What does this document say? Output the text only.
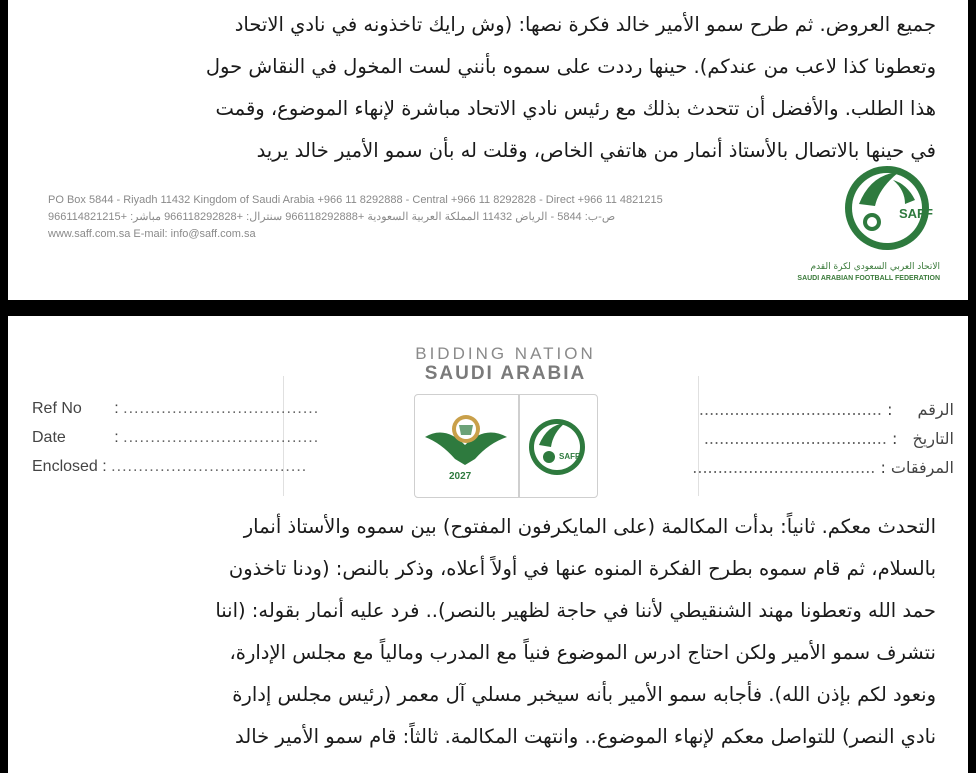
جميع العروض. ثم طرح سمو الأمير خالد فكرة نصها: (وش رايك تاخذونه في نادي الاتحاد
وتعطونا كذا لاعب من عندكم). حينها رددت على سموه بأنني لست المخول في النقاش حول
هذا الطلب. والأفضل أن تتحدث بذلك مع رئيس نادي الاتحاد مباشرة لإنهاء الموضوع، وقمت
في حينها بالاتصال بالأستاذ أنمار من هاتفي الخاص، وقلت له بأن سمو الأمير خالد يريد
PO Box 5844 - Riyadh 11432 Kingdom of Saudi Arabia +966 11 8292888 - Central +966 11 8292828 - Direct +966 11 4821215
ص-ب: 5844 - الرياض 11432 المملكة العربية السعودية +966118292888 سنترال: +966118292828 مباشر: +966114821215
www.saff.com.sa E-mail: info@saff.com.sa
SAFF
الاتحاد العربي السعودي لكرة القدم
SAUDI ARABIAN FOOTBALL FEDERATION
BIDDING NATION
SAUDI ARABIA
2027
SAFF
Ref No : ....................................
Date	: ....................................
Enclosed : ....................................
الرقم : ....................................
التاريخ : ....................................
المرفقات : ....................................
التحدث معكم. ثانياً: بدأت المكالمة (على المايكرفون المفتوح) بين سموه والأستاذ أنمار
بالسلام، ثم قام سموه بطرح الفكرة المنوه عنها في أولاً أعلاه، وذكر بالنص: (ودنا تاخذون
حمد الله وتعطونا مهند الشنقيطي لأننا في حاجة لظهير بالنصر).. فرد عليه أنمار بقوله: (اننا
نتشرف سمو الأمير ولكن احتاج ادرس الموضوع فنياً مع المدرب ومالياً مع مجلس الإدارة،
ونعود لكم بإذن الله). فأجابه سمو الأمير بأنه سيخبر مسلي آل معمر (رئيس مجلس إدارة
نادي النصر) للتواصل معكم لإنهاء الموضوع.. وانتهت المكالمة. ثالثاً: قام سمو الأمير خالد
